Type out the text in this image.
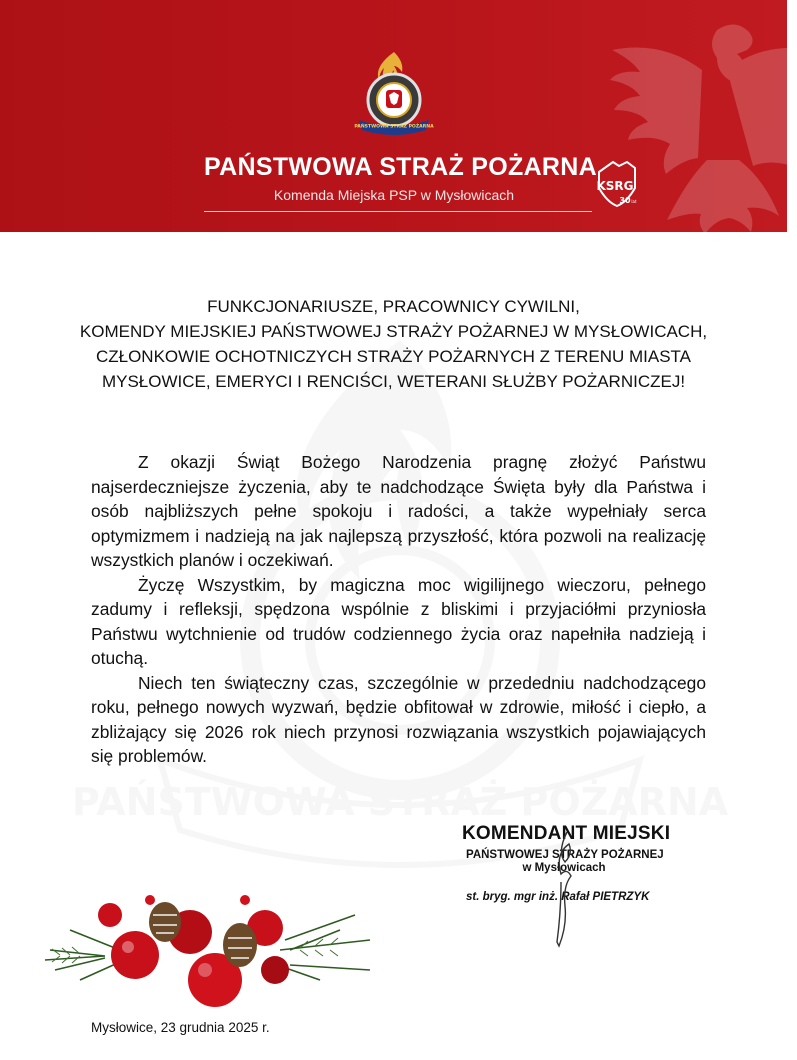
PAŃSTWOWA STRAŻ POŻARNA
PAŃSTWOWA STRAŻ POŻARNA
Komenda Miejska PSP w Mysłowicach
KSRG
30 lat
PAŃSTWOWA STRAŻ POŻARNA
FUNKCJONARIUSZE, PRACOWNICY CYWILNI,
KOMENDY MIEJSKIEJ PAŃSTWOWEJ STRAŻY POŻARNEJ W MYSŁOWICACH,
CZŁONKOWIE OCHOTNICZYCH STRAŻY POŻARNYCH Z TERENU MIASTA
MYSŁOWICE, EMERYCI I RENCIŚCI, WETERANI SŁUŻBY POŻARNICZEJ!

Z okazji Świąt Bożego Narodzenia pragnę złożyć Państwu najserdeczniejsze życzenia, aby te nadchodzące Święta były dla Państwa i osób najbliższych pełne spokoju i radości, a także wypełniały serca optymizmem i nadzieją na jak najlepszą przyszłość, która pozwoli na realizację wszystkich planów i oczekiwań.

Życzę Wszystkim, by magiczna moc wigilijnego wieczoru, pełnego zadumy i refleksji, spędzona wspólnie z bliskimi i przyjaciółmi przyniosła Państwu wytchnienie od trudów codziennego życia oraz napełniła nadzieją i otuchą.

Niech ten świąteczny czas, szczególnie w przededniu nadchodzącego roku, pełnego nowych wyzwań, będzie obfitował w zdrowie, miłość i ciepło, a zbliżający się 2026 rok niech przynosi rozwiązania wszystkich pojawiających się problemów.

KOMENDANT MIEJSKI
PAŃSTWOWEJ STRAŻY POŻARNEJ
w Mysłowicach
st. bryg. mgr inż. Rafał PIETRZYK
Mysłowice, 23 grudnia 2025 r.
